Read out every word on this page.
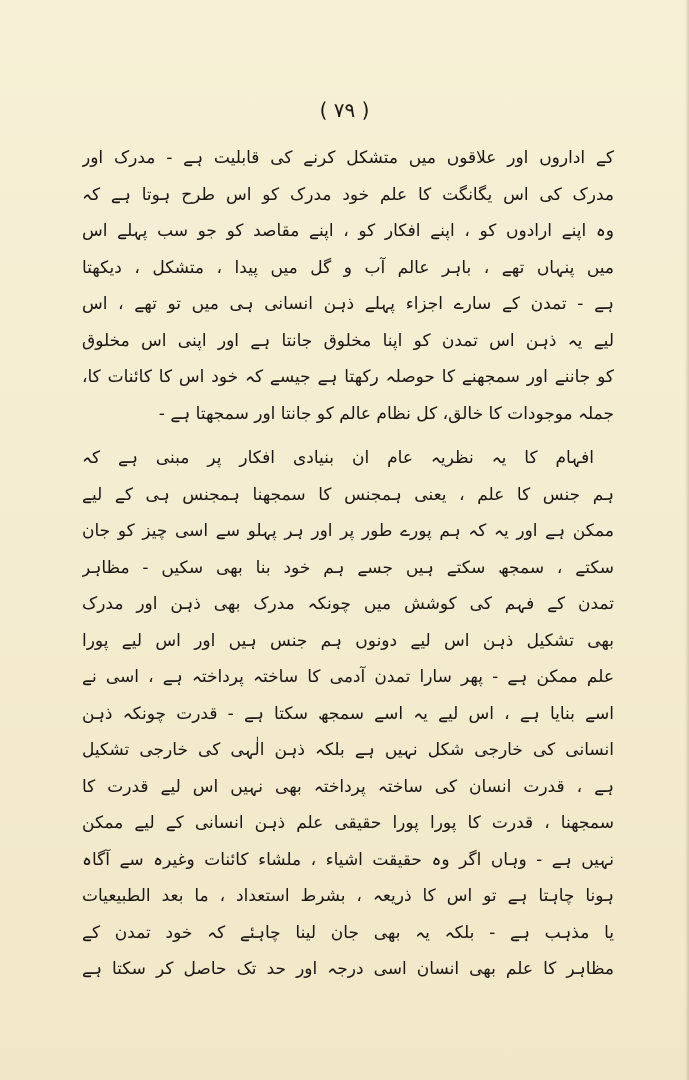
( ٧٩ )
کے اداروں اور علاقوں میں متشکل کرنے کی قابلیت ہے - مدرک اور
مدرک کی اس یگانگت کا علم خود مدرک کو اس طرح ہوتا ہے کہ
وہ اپنے ارادوں کو ، اپنے افکار کو ، اپنے مقاصد کو جو سب پہلے اس
میں پنہاں تھے ، باہر عالم آب و گل میں پیدا ، متشکل ، دیکھتا
ہے - تمدن کے سارے اجزاء پہلے ذہن انسانی ہی میں تو تھے ، اس
لیے یہ ذہن اس تمدن کو اپنا مخلوق جانتا ہے اور اپنی اس مخلوق
کو جاننے اور سمجھنے کا حوصلہ رکھتا ہے جیسے کہ خود اس کا کائنات کا،
جملہ موجودات کا خالق، کل نظام عالم کو جانتا اور سمجھتا ہے -
افہام کا یہ نظریہ عام ان بنیادی افکار پر مبنی ہے کہ
ہم جنس کا علم ، یعنی ہمجنس کا سمجھنا ہمجنس ہی کے لیے
ممکن ہے اور یہ کہ ہم پورے طور پر اور ہر پہلو سے اسی چیز کو جان
سکتے ، سمجھ سکتے ہیں جسے ہم خود بنا بھی سکیں - مظاہر
تمدن کے فہم کی کوشش میں چونکہ مدرک بھی ذہن اور مدرک
بھی تشکیل ذہن اس لیے دونوں ہم جنس ہیں اور اس لیے پورا
علم ممکن ہے - پھر سارا تمدن آدمی کا ساختہ پرداختہ ہے ، اسی نے
اسے بنایا ہے ، اس لیے یہ اسے سمجھ سکتا ہے - قدرت چونکہ ذہن
انسانی کی خارجی شکل نہیں ہے بلکہ ذہن الٰہی کی خارجی تشکیل
ہے ، قدرت انسان کی ساختہ پرداختہ بھی نہیں اس لیے قدرت کا
سمجھنا ، قدرت کا پورا پورا حقیقی علم ذہن انسانی کے لیے ممکن
نہیں ہے - وہاں اگر وہ حقیقت اشیاء ، ملشاء کائنات وغیرہ سے آگاہ
ہونا چاہتا ہے تو اس کا ذریعہ ، بشرط استعداد ، ما بعد الطبیعیات
یا مذہب ہے - بلکہ یہ بھی جان لینا چاہئے کہ خود تمدن کے
مظاہر کا علم بھی انسان اسی درجہ اور حد تک حاصل کر سکتا ہے
